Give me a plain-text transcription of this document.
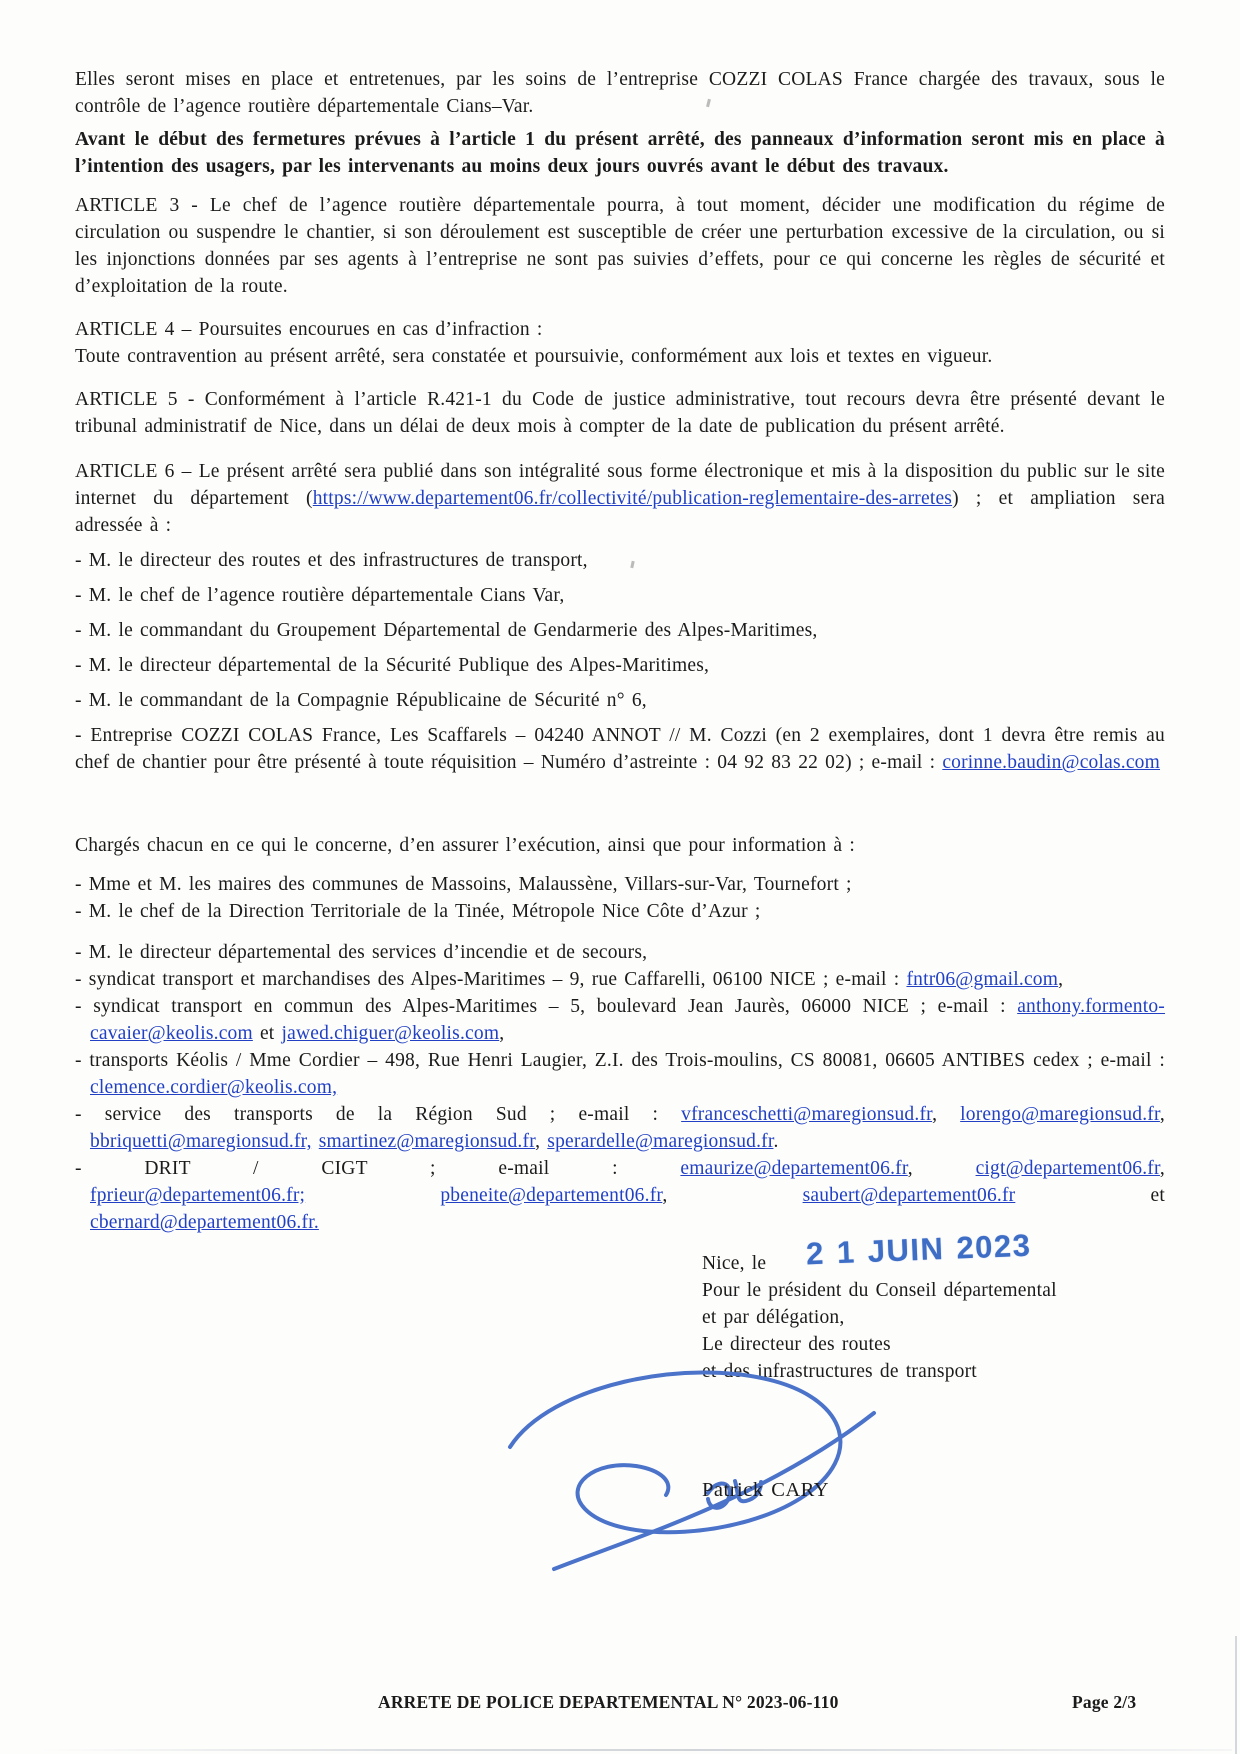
Elles seront mises en place et entretenues, par les soins de l’entreprise COZZI COLAS France chargée des travaux, sous le contrôle de l’agence routière départementale Cians–Var.

Avant le début des fermetures prévues à l’article 1 du présent arrêté, des panneaux d’information seront mis en place à l’intention des usagers, par les intervenants au moins deux jours ouvrés avant le début des travaux.

ARTICLE 3 - Le chef de l’agence routière départementale pourra, à tout moment, décider une modification du régime de circulation ou suspendre le chantier, si son déroulement est susceptible de créer une perturbation excessive de la circulation, ou si les injonctions données par ses agents à l’entreprise ne sont pas suivies d’effets, pour ce qui concerne les règles de sécurité et d’exploitation de la route.

ARTICLE 4 – Poursuites encourues en cas d’infraction :

Toute contravention au présent arrêté, sera constatée et poursuivie, conformément aux lois et textes en vigueur.

ARTICLE 5 - Conformément à l’article R.421-1 du Code de justice administrative, tout recours devra être présenté devant le tribunal administratif de Nice, dans un délai de deux mois à compter de la date de publication du présent arrêté.

ARTICLE 6 – Le présent arrêté sera publié dans son intégralité sous forme électronique et mis à la disposition du public sur le site internet du département (https://www.departement06.fr/collectivité/publication-reglementaire-des-arretes) ; et ampliation sera adressée à :

- M. le directeur des routes et des infrastructures de transport,

- M. le chef de l’agence routière départementale Cians Var,

- M. le commandant du Groupement Départemental de Gendarmerie des Alpes-Maritimes,

- M. le directeur départemental de la Sécurité Publique des Alpes-Maritimes,

- M. le commandant de la Compagnie Républicaine de Sécurité n° 6,

- Entreprise COZZI COLAS France, Les Scaffarels – 04240 ANNOT // M. Cozzi (en 2 exemplaires, dont 1 devra être remis au chef de chantier pour être présenté à toute réquisition – Numéro d’astreinte : 04 92 83 22 02) ; e-mail : corinne.baudin@colas.com

Chargés chacun en ce qui le concerne, d’en assurer l’exécution, ainsi que pour information à :

- Mme et M. les maires des communes de Massoins, Malaussène, Villars-sur-Var, Tournefort ;

- M. le chef de la Direction Territoriale de la Tinée, Métropole Nice Côte d’Azur ;

- M. le directeur départemental des services d’incendie et de secours,

- syndicat transport et marchandises des Alpes-Maritimes – 9, rue Caffarelli, 06100 NICE ; e-mail : fntr06@gmail.com,

- syndicat transport en commun des Alpes-Maritimes – 5, boulevard Jean Jaurès, 06000 NICE ; e-mail : anthony.formento-cavaier@keolis.com et jawed.chiguer@keolis.com,

- transports Kéolis / Mme Cordier – 498, Rue Henri Laugier, Z.I. des Trois-moulins, CS 80081, 06605 ANTIBES cedex ; e-mail : clemence.cordier@keolis.com,

- service des transports de la Région Sud ; e-mail : vfranceschetti@maregionsud.fr, lorengo@maregionsud.fr, bbriquetti@maregionsud.fr, smartinez@maregionsud.fr, sperardelle@maregionsud.fr.

- DRIT / CIGT ; e-mail : emaurize@departement06.fr, cigt@departement06.fr,

fprieur@departement06.fr;	pbeneite@departement06.fr, saubert@departement06.fr et

cbernard@departement06.fr.

Nice, le 2 1 JUIN 2023

Pour le président du Conseil départemental

et par délégation,

Le directeur des routes

et des infrastructures de transport

Patrick CARY
ARRETE DE POLICE DEPARTEMENTAL N° 2023-06-110	Page 2/3
